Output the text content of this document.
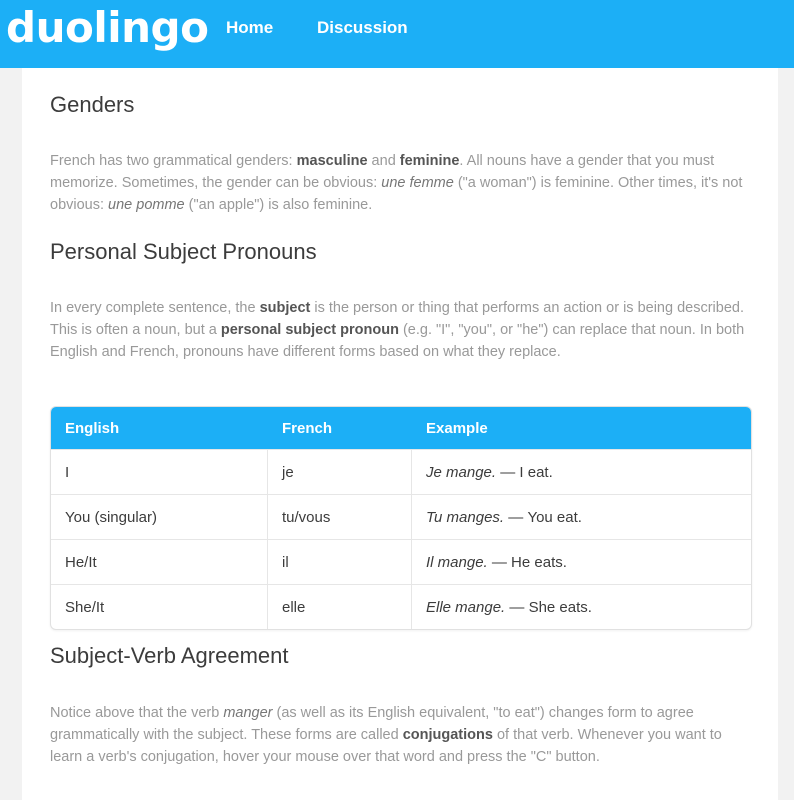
duolingo Home	Discussion
Genders

French has two grammatical genders: masculine and feminine. All nouns have a gender that you must memorize. Sometimes, the gender can be obvious: une femme ("a woman") is feminine. Other times, it's not obvious: une pomme ("an apple") is also feminine.

Personal Subject Pronouns

In every complete sentence, the subject is the person or thing that performs an action or is being described. This is often a noun, but a personal subject pronoun (e.g. "I", "you", or "he") can replace that noun. In both English and French, pronouns have different forms based on what they replace.

English	French	Example
I	je	Je mange. — I eat.
You (singular)	tu/vous	Tu manges. — You eat.
He/It	il	Il mange. — He eats.
She/It	elle	Elle mange. — She eats.
Subject-Verb Agreement

Notice above that the verb manger (as well as its English equivalent, "to eat") changes form to agree grammatically with the subject. These forms are called conjugations of that verb. Whenever you want to learn a verb's conjugation, hover your mouse over that word and press the "C" button.
